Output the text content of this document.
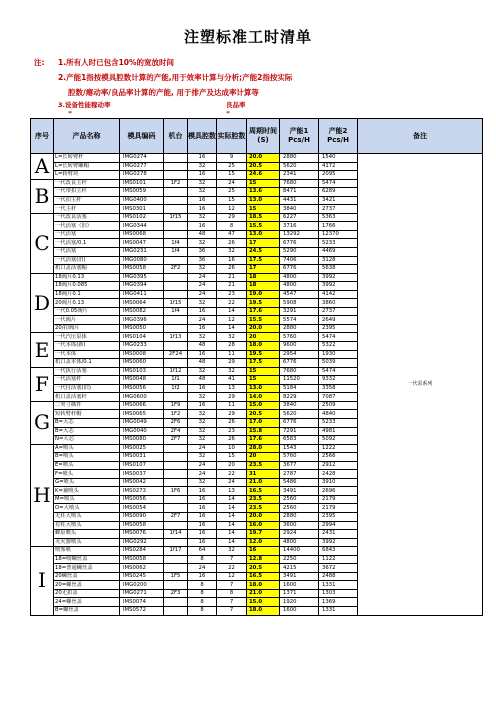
注塑标准工时清单
注: 1.所有人时已包含10%的宽放时间
2.产能1指按模具腔数计算的产能,用于效率计算与分析;产能2指按实际
腔数/瘪动率/良品率计算的产能, 用于排产及达成率计算等
3.设备性能稼动率	良品率
=	=
序号	产品名称	模具编码	机台	模具腔数	实际腔数	周期时间(S)	产能1 Pcs/H	产能2 Pcs/H	备注
A	L=长转臂杆	IMG0274		16	9	20.0	2880	1540	一代泵系列
	L=长转臂螺帽	IMG0277		32	25	20.5	5620	4172	
	L=转臂块	IMG0278		16	15	24.6	2341	2095	
B	一代改良主杆	IMS0101	1F2	32	24	15	7680	5474	
	一代带扣主杆	IMS0059		32	25	13.6	8471	6289	
	一代扣主杆	IMG0400		16	15	13.0	4431	3421	
	一代主杆	IMS0301		16	12	15	3840	2737	
C	一代改良活塞	IMS0102	1f15	32	29	18.5	6227	5363	
	一代活塞（旧）	IMG0344		16	8	15.5	3716	1766	
	一代活塞	IMS0068		48	47	13.0	13292	12370	
	一代活塞/0.1	IMS0047	1f4	32	26	17	6776	5233	
	一代活塞	IMG0231	1f4	36	32	24.5	5290	4469	
	一代活塞(旧)	IMG0080		36	16	17.5	7406	3128	
	机口盖活塞帽	IMS0058	2F2	32	26	17	6776	5638	
D	18阀片0.13	IMG0395		24	21	18	4800	3992	
	18阀片0.085	IMG0394		24	21	18	4800	3992	
	18阀片0.1	IMG0411		24	23	19.0	4547	4142	
	20阀片0.13	IMS0064	1f15	32	22	19.5	5908	3860	
	一代0.05阀片	IMS0082	1f4	16	14	17.6	3291	2737	
	一代阀片	IMG0396		24	12	15.5	5574	2649	
	20/扣阀片	IMS0050		16	14	20.0	2880	2395	
E	一代汽压泵体	IMS0104	1f13	32	32	20	5760	5474	
	一代本体(新)	IMG0233		48	28	18.0	9600	5322	
	一代本体	IMS0008	2F24	16	11	19.5	2954	1930	
	机口盖本体/0.1	IMS0060		48	29	17.5	6776	5039	
F	一代执行活塞	IMS0103	1f12	32	32	15	7680	5474	
	一代活塞杆	IMS0048	1f1	48	41	15	11520	9332	
	一代付活塞(旧)	IMS0056	1f2	16	13	13.0	5184	3358	
	机口盖活塞杆	IMG0600		32	29	14.0	8229	7087	
G	二突寸插件	IMS0066	1F9	16	11	15.0	3840	2509	
	短转臂杆帽	IMS0065	1F2	32	29	20.5	5620	4840	
	B=大芯	IMG0049	2F6	32	26	17.0	6776	5233	
	B=大芯	IMG0040	2F4	32	23	15.8	7291	4981	
	N=大芯	IMS0080	2F7	32	26	17.6	6583	5092	
H	A=喷头	IMS0025		24	10	28.0	1543	1222	
	B=喷头	IMS0031		32	15	20	5760	2566	
	E=喷头	IMS0107		24	20	23.5	3677	2912	
	F=喷头	IMS0037		24	22	31	2787	2428	
	G=喷头	IMS0042		32	24	21.0	5486	3910	
	K=兼喷头	IMS0273	1F6	16	13	16.5	3491	2696	
	M=喷头	IMS0056		16	14	23.5	2560	2179	
	O=大喷头	IMS0054		16	14	23.5	2560	2179	
	无柱大喷头	IMS0090	2F7	16	14	20.0	2880	2395	
	有柱大喷头	IMS0058		16	14	16.0	3600	2994	
	蝉泵喷头	IMS0076	1f14	16	14	19.7	2924	2431	
	灭火器喷头	IMG0292		16	14	12.0	4800	3992	
I	喷雾喷	IMS0284	1f17	64	32	16	14400	6843	
	18=喷螺丝盖	IMS0058		8	7	12.8	2250	1122	
	18=普通螺丝盖	IMS0062		24	22	20.5	4215	3672	
	20螺丝盖	IMS0245	1F5	16	12	16.5	3491	2488	
	20=螺丝盖	IMG0200		8	7	18.0	1600	1331	
	20无扣盖	IMG0271	2F3	8	8	21.0	1371	1303	
	24=螺丝盖	IMS0074		8	7	15.0	1920	1369	
	B=螺丝盖	IMS0572		8	7	18.0	1600	1331	
